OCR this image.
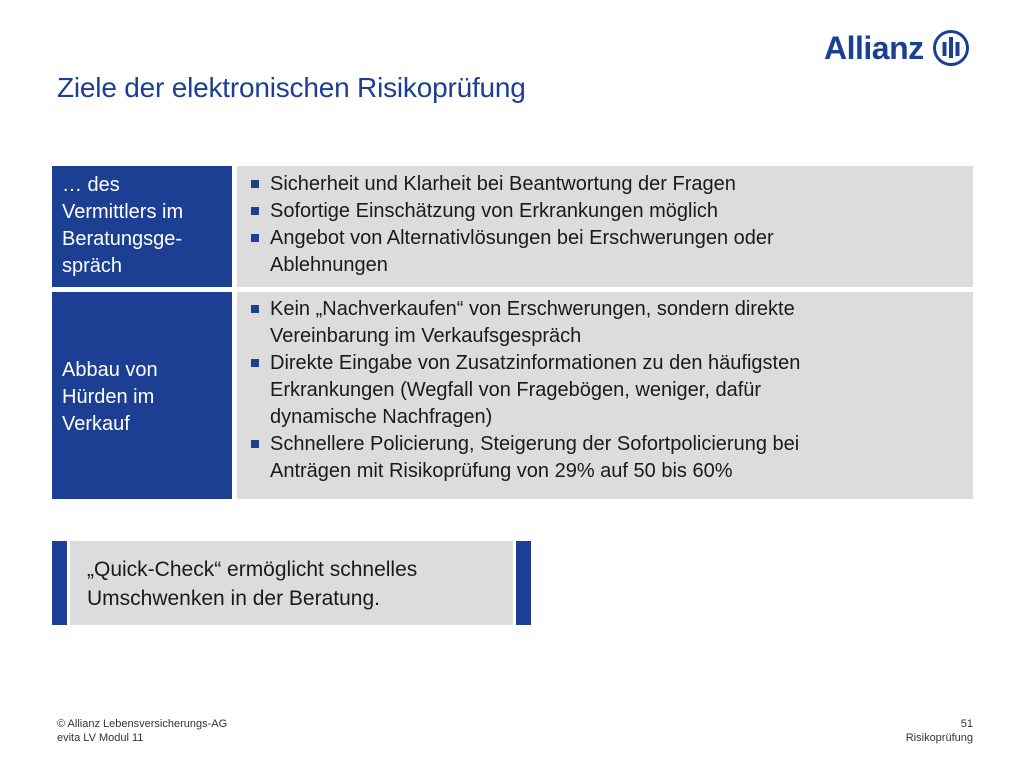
Ziele der elektronischen Risikoprüfung
Allianz
… des
Vermittlers im
Beratungsge-
spräch
Sicherheit und Klarheit bei Beantwortung der Fragen
Sofortige Einschätzung von Erkrankungen möglich
Angebot von Alternativlösungen bei Erschwerungen oder
Ablehnungen
Abbau von
Hürden im
Verkauf
Kein „Nachverkaufen“ von Erschwerungen, sondern direkte
Vereinbarung im Verkaufsgespräch
Direkte Eingabe von Zusatzinformationen zu den häufigsten
Erkrankungen (Wegfall von Fragebögen, weniger, dafür
dynamische Nachfragen)
Schnellere Policierung, Steigerung der Sofortpolicierung bei
Anträgen mit Risikoprüfung von 29% auf 50 bis 60%
„Quick-Check“ ermöglicht schnelles
Umschwenken in der Beratung.
© Allianz Lebensversicherungs-AG
evita LV Modul 11
51
Risikoprüfung
